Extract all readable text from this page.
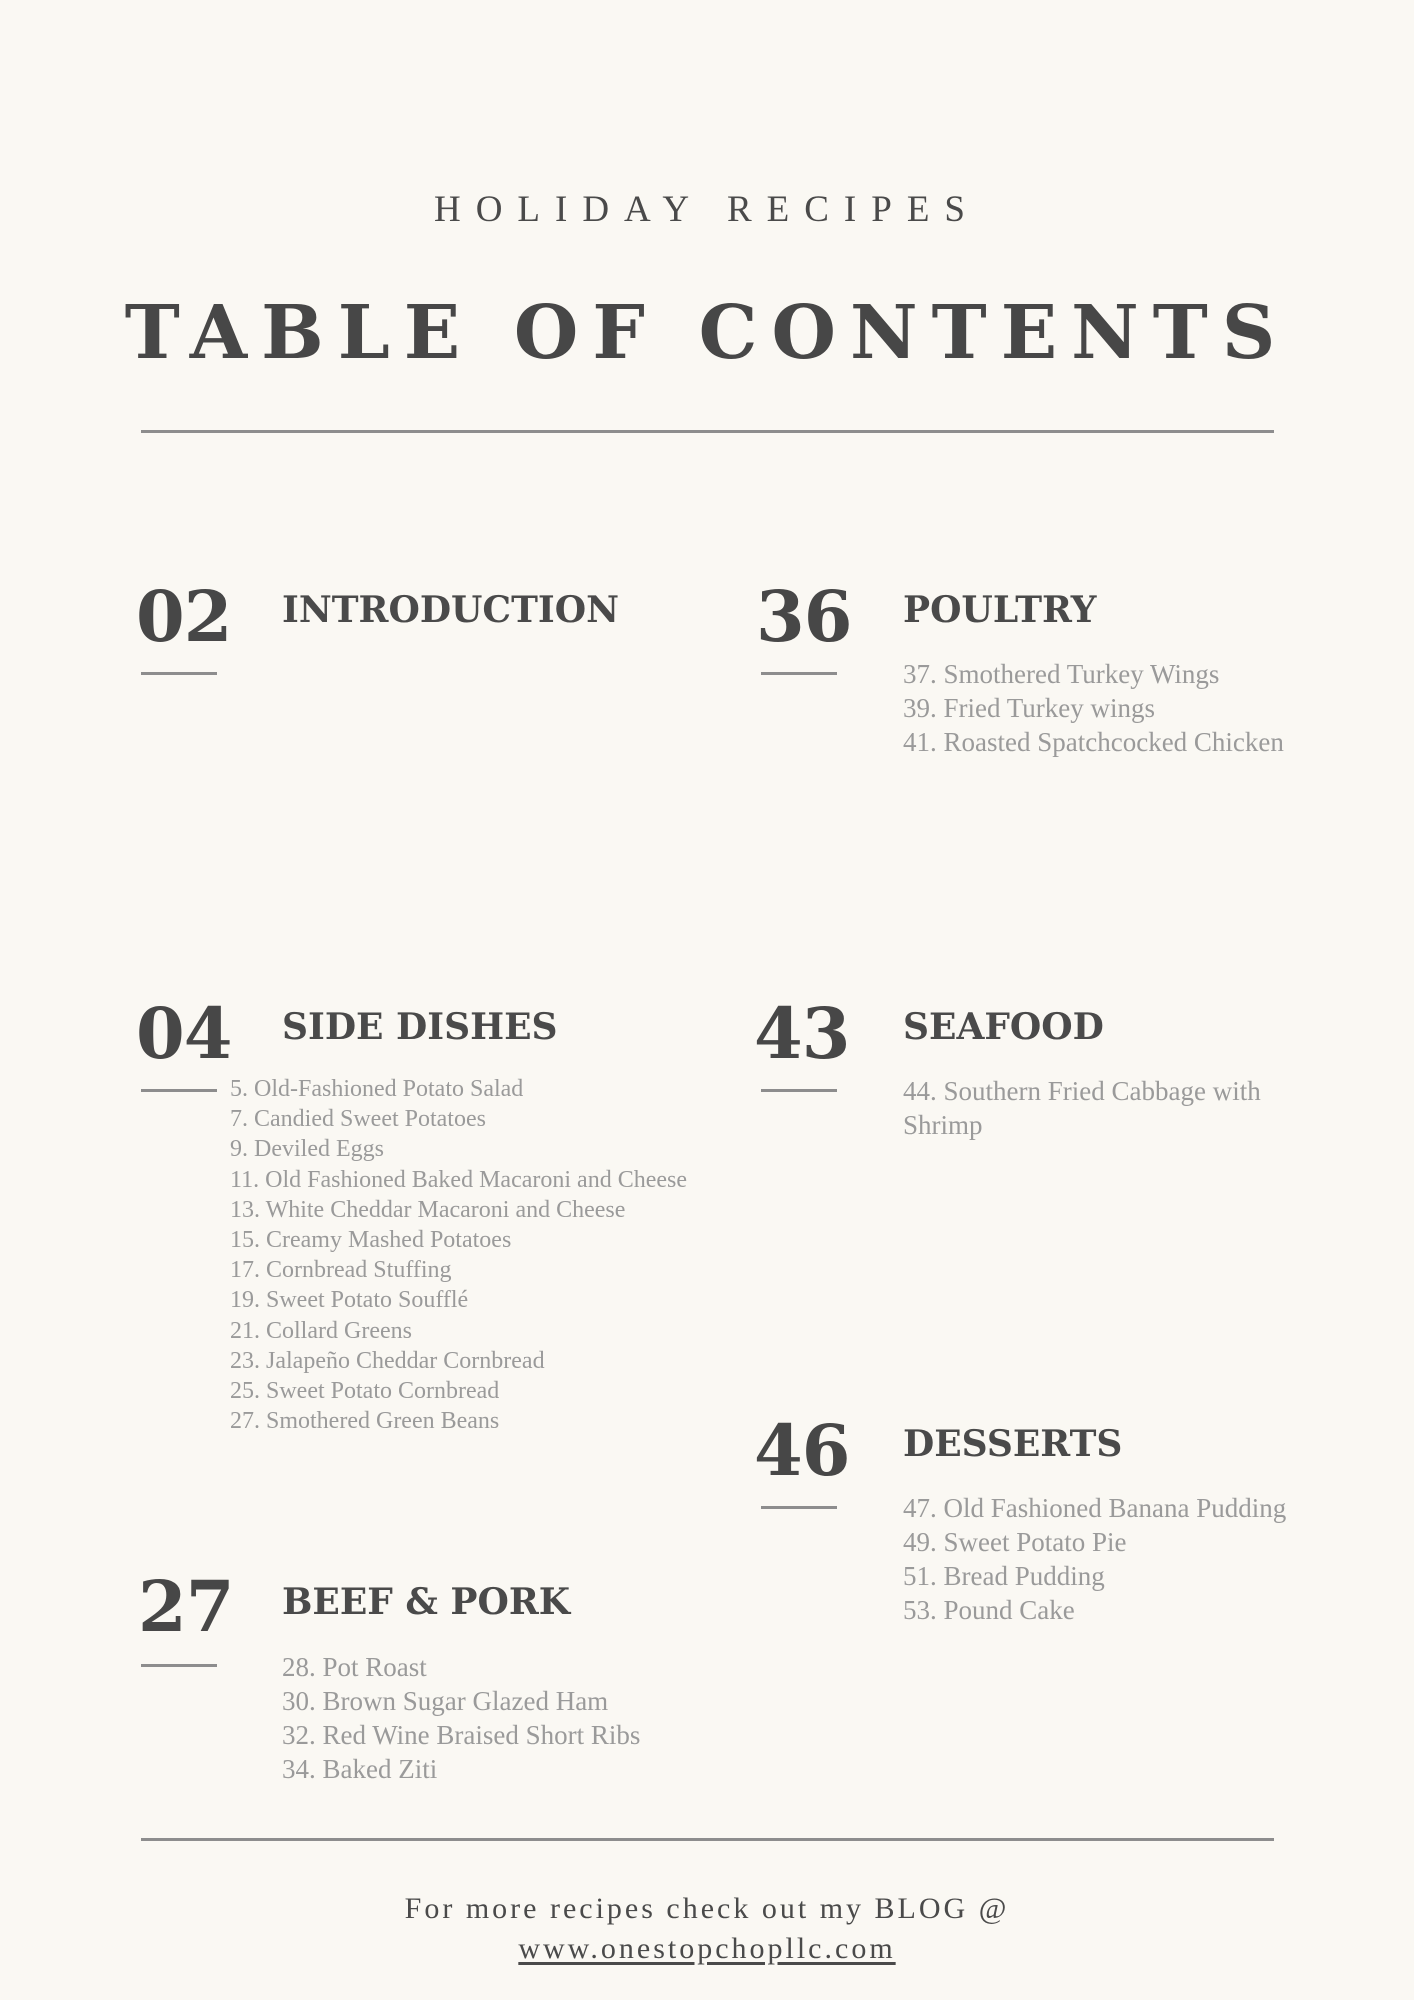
HOLIDAY RECIPES
TABLE OF CONTENTS
02 INTRODUCTION
04 SIDE DISHES
5. Old-Fashioned Potato Salad
7. Candied Sweet Potatoes
9. Deviled Eggs
11. Old Fashioned Baked Macaroni and Cheese
13. White Cheddar Macaroni and Cheese
15. Creamy Mashed Potatoes
17. Cornbread Stuffing
19. Sweet Potato Soufflé
21. Collard Greens
23. Jalapeño Cheddar Cornbread
25. Sweet Potato Cornbread
27. Smothered Green Beans
27 BEEF & PORK
28. Pot Roast
30. Brown Sugar Glazed Ham
32. Red Wine Braised Short Ribs
34. Baked Ziti
36 POULTRY
37. Smothered Turkey Wings
39. Fried Turkey wings
41. Roasted Spatchcocked Chicken
43 SEAFOOD
44. Southern Fried Cabbage with
Shrimp
46 DESSERTS
47. Old Fashioned Banana Pudding
49. Sweet Potato Pie
51. Bread Pudding
53. Pound Cake
For more recipes check out my BLOG @
www.onestopchopllc.com
